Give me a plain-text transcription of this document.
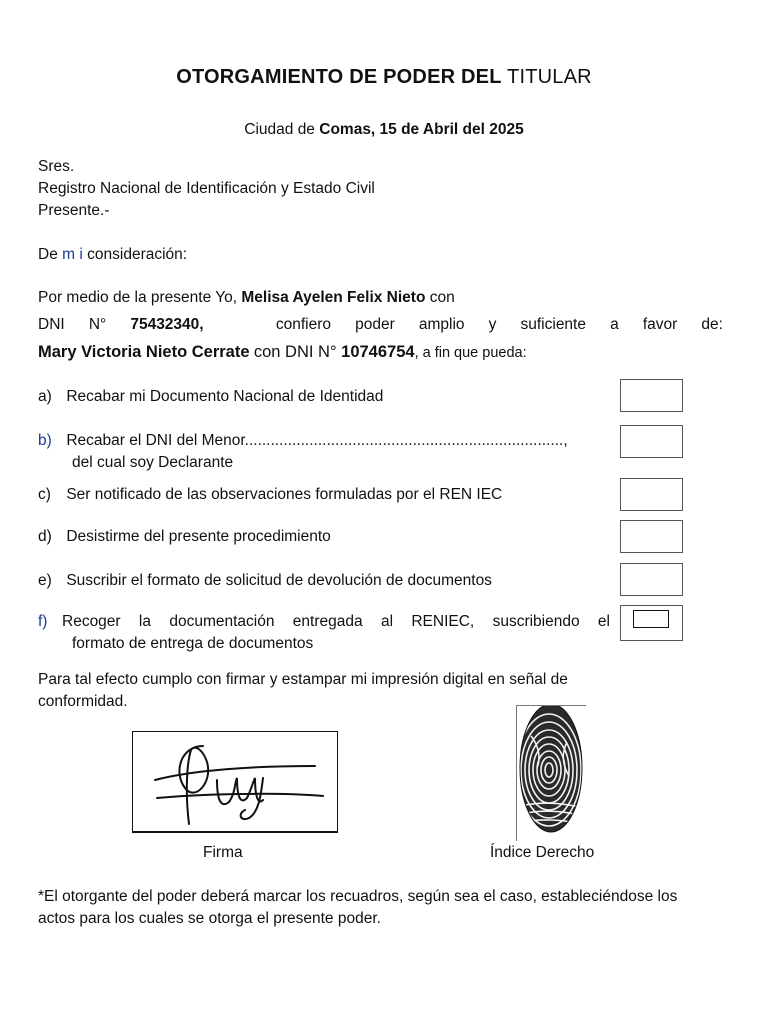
OTORGAMIENTO DE PODER DEL TITULAR
Ciudad de Comas, 15 de Abril del 2025
Sres.
Registro Nacional de Identificación y Estado Civil
Presente.-
De m i consideración:
Por medio de la presente Yo, Melisa Ayelen Felix Nieto con
DNI N° 75432340,	confiero poder amplio y suficiente a favor de:
Mary Victoria Nieto Cerrate con DNI N° 10746754, a fin que pueda:
a) Recabar mi Documento Nacional de Identidad
b) Recabar el DNI del Menor..........................................................................,
del cual soy Declarante
c) Ser notificado de las observaciones formuladas por el REN IEC
d) Desistirme del presente procedimiento
e) Suscribir el formato de solicitud de devolución de documentos
f) Recoger la documentación entregada al RENIEC, suscribiendo el
formato de entrega de documentos
Para tal efecto cumplo con firmar y estampar mi impresión digital en señal de
conformidad.
Firma	Índice Derecho
*El otorgante del poder deberá marcar los recuadros, según sea el caso, estableciéndose los
actos para los cuales se otorga el presente poder.
